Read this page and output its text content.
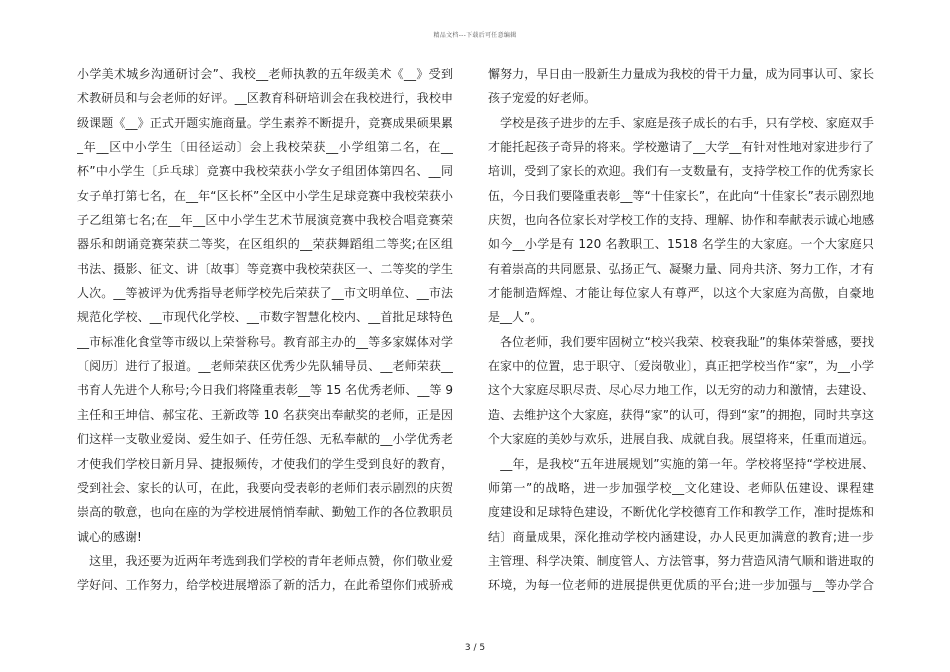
精品文档---下载后可任意编辑
小学美术城乡沟通研讨会”、我校__老师执教的五年级美术《__》受到
术教研员和与会老师的好评。__区教育科研培训会在我校进行，我校申
级课题《__》正式开题实施商量。学生素养不断提升，竞赛成果硕果累
_年__区中小学生〔田径运动〕会上我校荣获__小学组第二名，在__
杯”中小学生〔乒乓球〕竞赛中我校荣获小学女子组团体第四名、__同
女子单打第七名，在__年“区长杯”全区中小学生足球竞赛中我校荣获小
子乙组第七名;在__年__区中小学生艺术节展演竞赛中我校合唱竞赛荣
器乐和朗诵竞赛荣获二等奖，在区组织的__荣获舞蹈组二等奖;在区组
书法、摄影、征文、讲〔故事〕等竞赛中我校荣获区一、二等奖的学生
人次。__等被评为优秀指导老师学校先后荣获了__市文明单位、__市法
规范化学校、__市现代化学校、__市数字智慧化校内、__首批足球特色
__市标准化食堂等市级以上荣誉称号。教育部主办的__等多家媒体对学
〔阅历〕进行了报道。__老师荣获区优秀少先队辅导员、__老师荣获__
书育人先进个人称号;今日我们将隆重表彰__等 15 名优秀老师、__等 9
主任和王坤信、郝宝花、王新政等 10 名获突出奉献奖的老师，正是因
们这样一支敬业爱岗、爱生如子、任劳任怨、无私奉献的__小学优秀老
才使我们学校日新月异、捷报频传，才使我们的学生受到良好的教育，
受到社会、家长的认可，在此，我要向受表彰的老师们表示剧烈的庆贺
崇高的敬意，也向在座的为学校进展悄悄奉献、勤勉工作的各位教职员
诚心的感谢!
　这里，我还要为近两年考选到我们学校的青年老师点赞，你们敬业爱
学好问、工作努力，给学校进展增添了新的活力，在此希望你们戒骄戒
懈努力，早日由一股新生力量成为我校的骨干力量，成为同事认可、家长
孩子宠爱的好老师。
　学校是孩子进步的左手、家庭是孩子成长的右手，只有学校、家庭双手
才能托起孩子奇异的将来。学校邀请了__大学__有针对性地对家进步行了
培训，受到了家长的欢迎。我们有一支数量有，支持学校工作的优秀家长
伍，今日我们要隆重表彰__等“十佳家长”，在此向“十佳家长”表示剧烈地
庆贺，也向各位家长对学校工作的支持、理解、协作和奉献表示诚心地感
如今__小学是有 120 名教职工、1518 名学生的大家庭。一个大家庭只
有着崇高的共同愿景、弘扬正气、凝聚力量、同舟共济、努力工作，才有
才能制造辉煌、才能让每位家人有尊严，以这个大家庭为高傲，自豪地
是__人”。
　各位老师，我们要牢固树立“校兴我荣、校衰我耻”的集体荣誉感，要找
在家中的位置，忠于职守、〔爱岗敬业〕，真正把学校当作“家”，为__小学
这个大家庭尽职尽责、尽心尽力地工作，以无穷的动力和激情，去建设、
造、去维护这个大家庭，获得“家”的认可，得到“家”的拥抱，同时共享这
个大家庭的美妙与欢乐，进展自我、成就自我。展望将来，任重而道远。
　__年，是我校“五年进展规划”实施的第一年。学校将坚持“学校进展、
师第一”的战略，进一步加强学校__文化建设、老师队伍建设、课程建
度建设和足球特色建设，不断优化学校德育工作和教学工作，准时提炼和
结〕商量成果，深化推动学校内涵建设，办人民更加满意的教育;进一步
主管理、科学决策、制度管人、方法管事，努力营造风清气顺和谐进取的
环境，为每一位老师的进展提供更优质的平台;进一步加强与__等办学合
3 / 5
